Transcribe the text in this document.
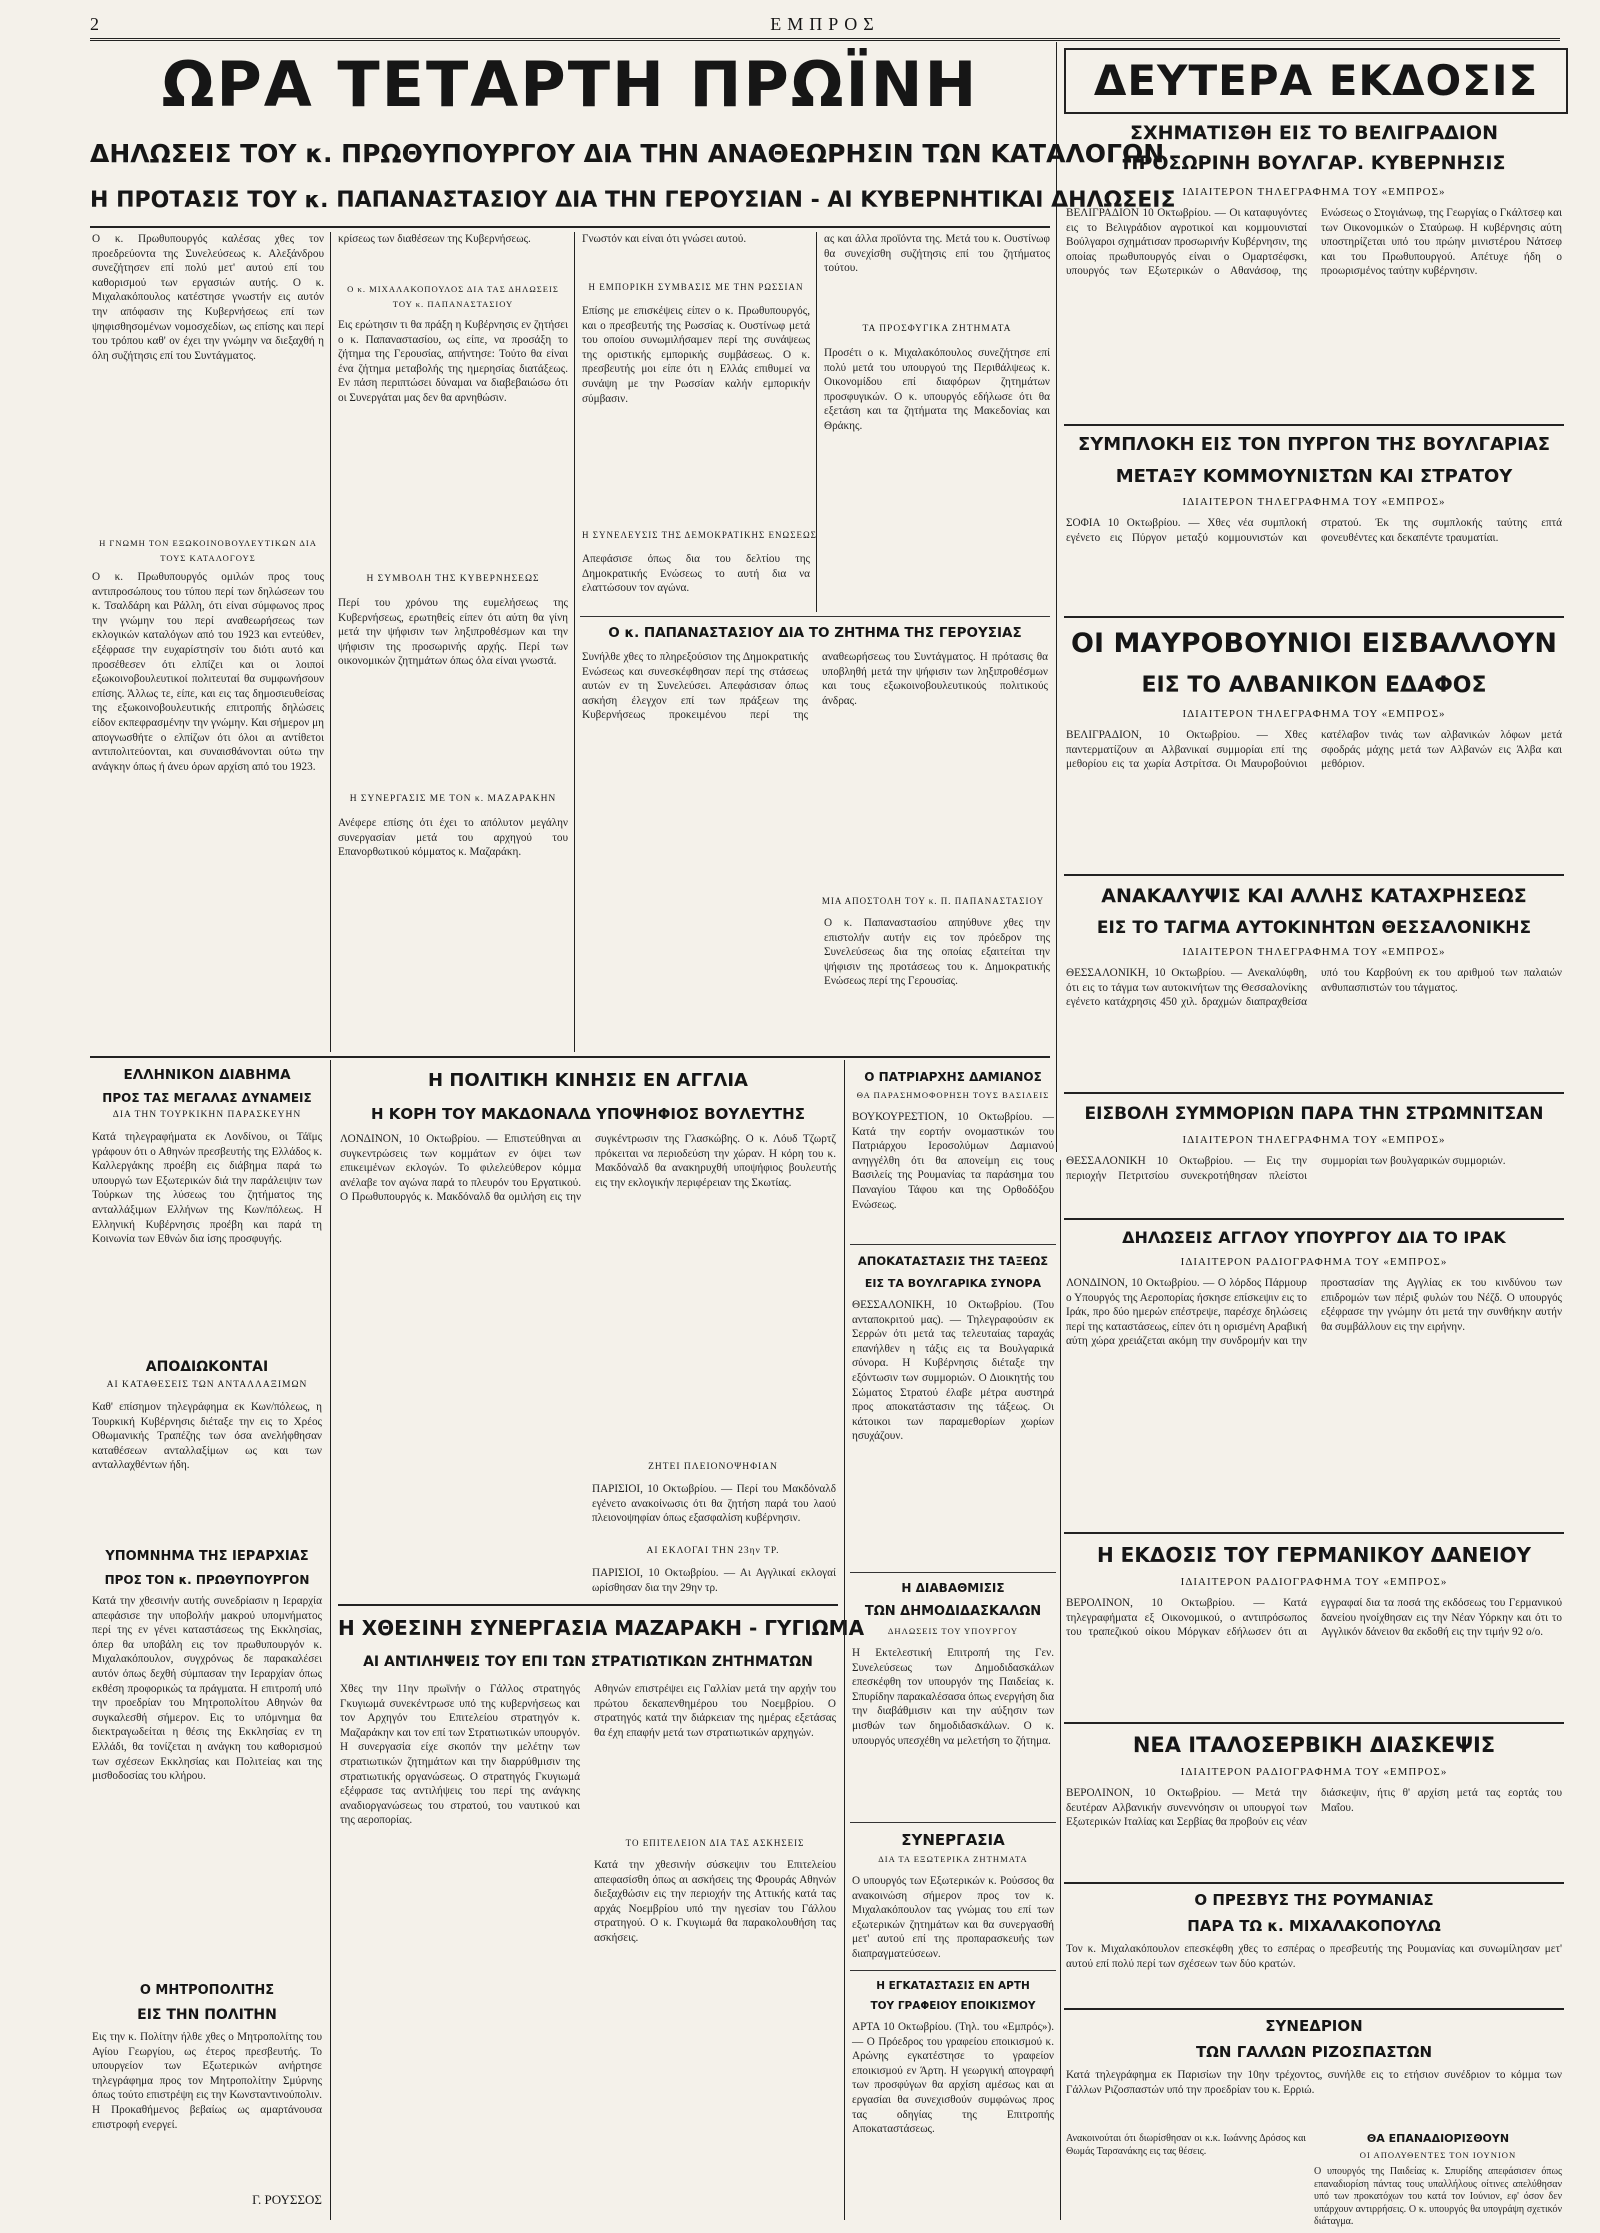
2	ΕΜΠΡΟΣ
ΩΡΑ ΤΕΤΑΡΤΗ ΠΡΩΪΝΗ	ΔΕΥΤΕΡΑ ΕΚΔΟΣΙΣ
ΔΗΛΩΣΕΙΣ ΤΟΥ κ. ΠΡΩΘΥΠΟΥΡΓΟΥ ΔΙΑ ΤΗΝ ΑΝΑΘΕΩΡΗΣΙΝ ΤΩΝ ΚΑΤΑΛΟΓΩΝ
Η ΠΡΟΤΑΣΙΣ ΤΟΥ κ. ΠΑΠΑΝΑΣΤΑΣΙΟΥ ΔΙΑ ΤΗΝ ΓΕΡΟΥΣΙΑΝ - ΑΙ ΚΥΒΕΡΝΗΤΙΚΑΙ ΔΗΛΩΣΕΙΣ
Ο κ. Πρωθυπουργός καλέσας χθες τον προεδρεύοντα της Συνελεύσεως κ. Αλεξάνδρου συνεζήτησεν επί πολύ μετ' αυτού επί του καθορισμού των εργασιών αυτής. Ο κ. Μιχαλακόπουλος κατέστησε γνωστήν εις αυτόν την απόφασιν της Κυβερνήσεως επί των ψηφισθησομένων νομοσχεδίων, ως επίσης και περί του τρόπου καθ' ον έχει την γνώμην να διεξαχθή η όλη συζήτησις επί του Συντάγματος.
Η ΓΝΩΜΗ ΤΟΝ ΕΞΩΚΟΙΝΟΒΟΥΛΕΥΤΙΚΩΝ ΔΙΑ ΤΟΥΣ ΚΑΤΑΛΟΓΟΥΣ
Ο κ. Πρωθυπουργός ομιλών προς τους αντιπροσώπους του τύπου περί των δηλώσεων του κ. Τσαλδάρη και Ράλλη, ότι είναι σύμφωνος προς την γνώμην του περί αναθεωρήσεως των εκλογικών καταλόγων από του 1923 και εντεύθεν, εξέφρασε την ευχαρίστησίν του διότι αυτό και προσέθεσεν ότι ελπίζει και οι λοιποί εξωκοινοβουλευτικοί πολιτευταί θα συμφωνήσουν επίσης. Άλλως τε, είπε, και εις τας δημοσιευθείσας της εξωκοινοβουλευτικής επιτροπής δηλώσεις είδον εκπεφρασμένην την γνώμην. Και σήμερον μη απογνωσθήτε ο ελπίζων ότι όλοι αι αντίθετοι αντιπολιτεύονται, και συναισθάνονται ούτω την ανάγκην όπως ή άνευ όρων αρχίση από του 1923.
κρίσεως των διαθέσεων της Κυβερνήσεως.
Ο κ. ΜΙΧΑΛΑΚΟΠΟΥΛΟΣ ΔΙΑ ΤΑΣ ΔΗΛΩΣΕΙΣ ΤΟΥ κ. ΠΑΠΑΝΑΣΤΑΣΙΟΥ
Εις ερώτησιν τι θα πράξη η Κυβέρνησις εν ζητήσει ο κ. Παπαναστασίου, ως είπε, να προσάξη το ζήτημα της Γερουσίας, απήντησε: Τούτο θα είναι ένα ζήτημα μεταβολής της ημερησίας διατάξεως. Εν πάση περιπτώσει δύναμαι να διαβεβαιώσω ότι οι Συνεργάται μας δεν θα αρνηθώσιν.
Η ΣΥΜΒΟΛΗ ΤΗΣ ΚΥΒΕΡΝΗΣΕΩΣ
Περί του χρόνου της ευμελήσεως της Κυβερνήσεως, ερωτηθείς είπεν ότι αύτη θα γίνη μετά την ψήφισιν των ληξιπροθέσμων και την ψήφισιν της προσωρινής αρχής. Περί των οικονομικών ζητημάτων όπως όλα είναι γνωστά.
Η ΣΥΝΕΡΓΑΣΙΣ ΜΕ ΤΟΝ κ. ΜΑΖΑΡΑΚΗΝ
Ανέφερε επίσης ότι έχει το απόλυτον μεγάλην συνεργασίαν μετά του αρχηγού του Επανορθωτικού κόμματος κ. Μαζαράκη.
Γνωστόν και είναι ότι γνώσει αυτού.
Η ΕΜΠΟΡΙΚΗ ΣΥΜΒΑΣΙΣ ΜΕ ΤΗΝ ΡΩΣΣΙΑΝ
Επίσης με επισκέψεις είπεν ο κ. Πρωθυπουργός, και ο πρεσβευτής της Ρωσσίας κ. Ουστίνωφ μετά του οποίου συνωμιλήσαμεν περί της συνάψεως της οριστικής εμπορικής συμβάσεως. Ο κ. πρεσβευτής μοι είπε ότι η Ελλάς επιθυμεί να συνάψη με την Ρωσσίαν καλήν εμπορικήν σύμβασιν.
Η ΣΥΝΕΛΕΥΣΙΣ ΤΗΣ ΔΕΜΟΚΡΑΤΙΚΗΣ ΕΝΩΣΕΩΣ
Απεφάσισε όπως δια του δελτίου της Δημοκρατικής Ενώσεως το αυτή δια να ελαττώσουν τον αγώνα.
ας και άλλα προϊόντα της. Μετά του κ. Ουστίνωφ θα συνεχίσθη συζήτησις επί του ζητήματος τούτου.
ΤΑ ΠΡΟΣΦΥΓΙΚΑ ΖΗΤΗΜΑΤΑ
Προσέτι ο κ. Μιχαλακόπουλος συνεζήτησε επί πολύ μετά του υπουργού της Περιθάλψεως κ. Οικονομίδου επί διαφόρων ζητημάτων προσφυγικών. Ο κ. υπουργός εδήλωσε ότι θα εξετάση και τα ζητήματα της Μακεδονίας και Θράκης.
Ο κ. ΠΑΠΑΝΑΣΤΑΣΙΟΥ ΔΙΑ ΤΟ ΖΗΤΗΜΑ ΤΗΣ ΓΕΡΟΥΣΙΑΣ
Συνήλθε χθες το πληρεξούσιον της Δημοκρατικής Ενώσεως και συνεσκέφθησαν περί της στάσεως αυτών εν τη Συνελεύσει. Απεφάσισαν όπως ασκήση έλεγχον επί των πράξεων της Κυβερνήσεως προκειμένου περί της αναθεωρήσεως του Συντάγματος. Η πρότασις θα υποβληθή μετά την ψήφισιν των ληξιπροθέσμων και τους εξωκοινοβουλευτικούς πολιτικούς άνδρας.
ΜΙΑ ΑΠΟΣΤΟΛΗ ΤΟΥ κ. Π. ΠΑΠΑΝΑΣΤΑΣΙΟΥ
Ο κ. Παπαναστασίου απηύθυνε χθες την επιστολήν αυτήν εις τον πρόεδρον της Συνελεύσεως δια της οποίας εξαιτείται την ψήφισιν της προτάσεως του κ. Δημοκρατικής Ενώσεως περί της Γερουσίας.
ΣΧΗΜΑΤΙΣΘΗ ΕΙΣ ΤΟ ΒΕΛΙΓΡΑΔΙΟΝ ΠΡΟΣΩΡΙΝΗ ΒΟΥΛΓΑΡ. ΚΥΒΕΡΝΗΣΙΣ
ΙΔΙΑΙΤΕΡΟΝ ΤΗΛΕΓΡΑΦΗΜΑ ΤΟΥ «ΕΜΠΡΟΣ»
ΒΕΛΙΓΡΑΔΙΟΝ 10 Οκτωβρίου. — Οι καταφυγόντες εις το Βελιγράδιον αγροτικοί και κομμουνισταί Βούλγαροι σχημάτισαν προσωρινήν Κυβέρνησιν, της οποίας πρωθυπουργός είναι ο Ομαρτσέφσκι, υπουργός των Εξωτερικών ο Αθανάσοφ, της Ενώσεως ο Στογιάνωφ, της Γεωργίας ο Γκάλτσεφ και των Οικονομικών ο Σταύρωφ. Η κυβέρνησις αύτη υποστηρίζεται υπό του πρώην μινιστέρου Νάτσεφ και του Πρωθυπουργού. Απέτυχε ήδη ο προωρισμένος ταύτην κυβέρνησιν.
ΣΥΜΠΛΟΚΗ ΕΙΣ ΤΟΝ ΠΥΡΓΟΝ ΤΗΣ ΒΟΥΛΓΑΡΙΑΣ
ΜΕΤΑΞΥ ΚΟΜΜΟΥΝΙΣΤΩΝ ΚΑΙ ΣΤΡΑΤΟΥ
ΙΔΙΑΙΤΕΡΟΝ ΤΗΛΕΓΡΑΦΗΜΑ ΤΟΥ «ΕΜΠΡΟΣ»
ΣΟΦΙΑ 10 Οκτωβρίου. — Χθες νέα συμπλοκή εγένετο εις Πύργον μεταξύ κομμουνιστών και στρατού. Έκ της συμπλοκής ταύτης επτά φονευθέντες και δεκαπέντε τραυματίαι.
ΟΙ ΜΑΥΡΟΒΟΥΝΙΟΙ ΕΙΣΒΑΛΛΟΥΝ
ΕΙΣ ΤΟ ΑΛΒΑΝΙΚΟΝ ΕΔΑΦΟΣ
ΙΔΙΑΙΤΕΡΟΝ ΤΗΛΕΓΡΑΦΗΜΑ ΤΟΥ «ΕΜΠΡΟΣ»
ΒΕΛΙΓΡΑΔΙΟΝ, 10 Οκτωβρίου. — Χθες παντερματίζουν αι Αλβανικαί συμμορίαι επί της μεθορίου εις τα χωρία Αστρίτσα. Οι Μαυροβούνιοι κατέλαβον τινάς των αλβανικών λόφων μετά σφοδράς μάχης μετά των Αλβανών εις Άλβα και μεθόριον.
ΑΝΑΚΑΛΥΨΙΣ ΚΑΙ ΑΛΛΗΣ ΚΑΤΑΧΡΗΣΕΩΣ
ΕΙΣ ΤΟ ΤΑΓΜΑ ΑΥΤΟΚΙΝΗΤΩΝ ΘΕΣΣΑΛΟΝΙΚΗΣ
ΙΔΙΑΙΤΕΡΟΝ ΤΗΛΕΓΡΑΦΗΜΑ ΤΟΥ «ΕΜΠΡΟΣ»
ΘΕΣΣΑΛΟΝΙΚΗ, 10 Οκτωβρίου. — Ανεκαλύφθη, ότι εις το τάγμα των αυτοκινήτων της Θεσσαλονίκης εγένετο κατάχρησις 450 χιλ. δραχμών διαπραχθείσα υπό του Καρβούνη εκ του αριθμού των παλαιών ανθυπασπιστών του τάγματος.
ΕΙΣΒΟΛΗ ΣΥΜΜΟΡΙΩΝ ΠΑΡΑ ΤΗΝ ΣΤΡΩΜΝΙΤΣΑΝ
ΙΔΙΑΙΤΕΡΟΝ ΤΗΛΕΓΡΑΦΗΜΑ ΤΟΥ «ΕΜΠΡΟΣ»
ΘΕΣΣΑΛΟΝΙΚΗ 10 Οκτωβρίου. — Εις την περιοχήν Πετριτσίου συνεκροτήθησαν πλείστοι συμμορίαι των βουλγαρικών συμμοριών.
ΔΗΛΩΣΕΙΣ ΑΓΓΛΟΥ ΥΠΟΥΡΓΟΥ ΔΙΑ ΤΟ ΙΡΑΚ
ΙΔΙΑΙΤΕΡΟΝ ΡΑΔΙΟΓΡΑΦΗΜΑ ΤΟΥ «ΕΜΠΡΟΣ»
ΛΟΝΔΙΝΟΝ, 10 Οκτωβρίου. — Ο λόρδος Πάρμουρ ο Υπουργός της Αεροπορίας ήσκησε επίσκεψιν εις το Ιράκ, προ δύο ημερών επέστρεψε, παρέσχε δηλώσεις περί της καταστάσεως, είπεν ότι η ορισμένη Αραβική αύτη χώρα χρειάζεται ακόμη την συνδρομήν και την προστασίαν της Αγγλίας εκ του κινδύνου των επιδρομών των πέριξ φυλών του Νέζδ. Ο υπουργός εξέφρασε την γνώμην ότι μετά την συνθήκην αυτήν θα συμβάλλουν εις την ειρήνην.
Η ΕΚΔΟΣΙΣ ΤΟΥ ΓΕΡΜΑΝΙΚΟΥ ΔΑΝΕΙΟΥ
ΙΔΙΑΙΤΕΡΟΝ ΡΑΔΙΟΓΡΑΦΗΜΑ ΤΟΥ «ΕΜΠΡΟΣ»
ΒΕΡΟΛΙΝΟΝ, 10 Οκτωβρίου. — Κατά τηλεγραφήματα εξ Οικονομικού, ο αντιπρόσωπος του τραπεζικού οίκου Μόργκαν εδήλωσεν ότι αι εγγραφαί δια τα ποσά της εκδόσεως του Γερμανικού δανείου ηνοίχθησαν εις την Νέαν Υόρκην και ότι το Αγγλικόν δάνειον θα εκδοθή εις την τιμήν 92 ο/ο.
ΝΕΑ ΙΤΑΛΟΣΕΡΒΙΚΗ ΔΙΑΣΚΕΨΙΣ
ΙΔΙΑΙΤΕΡΟΝ ΡΑΔΙΟΓΡΑΦΗΜΑ ΤΟΥ «ΕΜΠΡΟΣ»
ΒΕΡΟΛΙΝΟΝ, 10 Οκτωβρίου. — Μετά την δευτέραν Αλβανικήν συνεννόησιν οι υπουργοί των Εξωτερικών Ιταλίας και Σερβίας θα προβούν εις νέαν διάσκεψιν, ήτις θ' αρχίση μετά τας εορτάς του Μαΐου.
Ο ΠΡΕΣΒΥΣ ΤΗΣ ΡΟΥΜΑΝΙΑΣ
ΠΑΡΑ ΤΩ κ. ΜΙΧΑΛΑΚΟΠΟΥΛΩ
Τον κ. Μιχαλακόπουλον επεσκέφθη χθες το εσπέρας ο πρεσβευτής της Ρουμανίας και συνωμίλησαν μετ' αυτού επί πολύ περί των σχέσεων των δύο κρατών.
ΣΥΝΕΔΡΙΟΝ
ΤΩΝ ΓΑΛΛΩΝ ΡΙΖΟΣΠΑΣΤΩΝ
Κατά τηλεγράφημα εκ Παρισίων την 10ην τρέχοντος, συνήλθε εις το ετήσιον συνέδριον το κόμμα των Γάλλων Ριζοσπαστών υπό την προεδρίαν του κ. Ερριώ.
ΕΛΛΗΝΙΚΟΝ ΔΙΑΒΗΜΑ
ΠΡΟΣ ΤΑΣ ΜΕΓΑΛΑΣ ΔΥΝΑΜΕΙΣ
ΔΙΑ ΤΗΝ ΤΟΥΡΚΙΚΗΝ ΠΑΡΑΣΚΕΥΗΝ
Κατά τηλεγραφήματα εκ Λονδίνου, οι Τάϊμς γράφουν ότι ο Αθηνών πρεσβευτής της Ελλάδος κ. Καλλεργάκης προέβη εις διάβημα παρά τω υπουργώ των Εξωτερικών διά την παράλειψιν των Τούρκων της λύσεως του ζητήματος της ανταλλάξιμων Ελλήνων της Κων/πόλεως. Η Ελληνική Κυβέρνησις προέβη και παρά τη Κοινωνία των Εθνών δια ίσης προσφυγής.
ΑΠΟΔΙΩΚΟΝΤΑΙ
ΑΙ ΚΑΤΑΘΕΣΕΙΣ ΤΩΝ ΑΝΤΑΛΛΑΞΙΜΩΝ
Καθ' επίσημον τηλεγράφημα εκ Κων/πόλεως, η Τουρκική Κυβέρνησις διέταξε την εις το Χρέος Οθωμανικής Τραπέζης των όσα ανελήφθησαν καταθέσεων ανταλλαξίμων ως και των ανταλλαχθέντων ήδη.
ΥΠΟΜΝΗΜΑ ΤΗΣ ΙΕΡΑΡΧΙΑΣ
ΠΡΟΣ ΤΟΝ κ. ΠΡΩΘΥΠΟΥΡΓΟΝ
Κατά την χθεσινήν αυτής συνεδρίασιν η Ιεραρχία απεφάσισε την υποβολήν μακρού υπομνήματος περί της εν γένει καταστάσεως της Εκκλησίας, όπερ θα υποβάλη εις τον πρωθυπουργόν κ. Μιχαλακόπουλον, συγχρόνως δε παρακαλέσει αυτόν όπως δεχθή σύμπασαν την Ιεραρχίαν όπως εκθέση προφορικώς τα πράγματα. Η επιτροπή υπό την προεδρίαν του Μητροπολίτου Αθηνών θα συγκαλεσθή σήμερον. Εις το υπόμνημα θα διεκτραγωδείται η θέσις της Εκκλησίας εν τη Ελλάδι, θα τονίζεται η ανάγκη του καθορισμού των σχέσεων Εκκλησίας και Πολιτείας και της μισθοδοσίας του κλήρου.
Ο ΜΗΤΡΟΠΟΛΙΤΗΣ
ΕΙΣ ΤΗΝ ΠΟΛΙΤΗΝ
Εις την κ. Πολίτην ήλθε χθες ο Μητροπολίτης του Αγίου Γεωργίου, ως έτερος πρεσβευτής. Το υπουργείον των Εξωτερικών ανήρτησε τηλεγράφημα προς τον Μητροπολίτην Σμύρνης όπως τούτο επιστρέψη εις την Κωνσταντινούπολιν. Η Προκαθήμενος βεβαίως ως αμαρτάνουσα επιστροφή ενεργεί.
Γ. ΡΟΥΣΣΟΣ
Η ΠΟΛΙΤΙΚΗ ΚΙΝΗΣΙΣ ΕΝ ΑΓΓΛΙΑ
Η ΚΟΡΗ ΤΟΥ ΜΑΚΔΟΝΑΛΔ ΥΠΟΨΗΦΙΟΣ ΒΟΥΛΕΥΤΗΣ
ΛΟΝΔΙΝΟΝ, 10 Οκτωβρίου. — Επιστεύθηναι αι συγκεντρώσεις των κομμάτων εν όψει των επικειμένων εκλογών. Το φιλελεύθερον κόμμα ανέλαβε τον αγώνα παρά το πλευρόν του Εργατικού. Ο Πρωθυπουργός κ. Μακδόναλδ θα ομιλήση εις την συγκέντρωσιν της Γλασκώβης. Ο κ. Λόυδ Τζωρτζ πρόκειται να περιοδεύση την χώραν. Η κόρη του κ. Μακδόναλδ θα ανακηρυχθή υποψήφιος βουλευτής εις την εκλογικήν περιφέρειαν της Σκωτίας.
ΖΗΤΕΙ ΠΛΕΙΟΝΟΨΗΦΙΑΝ
ΠΑΡΙΣΙΟΙ, 10 Οκτωβρίου. — Περί του Μακδόναλδ εγένετο ανακοίνωσις ότι θα ζητήση παρά του λαού πλειονοψηφίαν όπως εξασφαλίση κυβέρνησιν.
ΑΙ ΕΚΛΟΓΑΙ ΤΗΝ 23ην ΤΡ.
ΠΑΡΙΣΙΟΙ, 10 Οκτωβρίου. — Αι Αγγλικαί εκλογαί ωρίσθησαν δια την 29ην τρ.
Η ΧΘΕΣΙΝΗ ΣΥΝΕΡΓΑΣΙΑ ΜΑΖΑΡΑΚΗ - ΓΥΓΙΩΜΑ
ΑΙ ΑΝΤΙΛΗΨΕΙΣ ΤΟΥ ΕΠΙ ΤΩΝ ΣΤΡΑΤΙΩΤΙΚΩΝ ΖΗΤΗΜΑΤΩΝ
Χθες την 11ην πρωϊνήν ο Γάλλος στρατηγός Γκυγιωμά συνεκέντρωσε υπό της κυβερνήσεως και τον Αρχηγόν του Επιτελείου στρατηγόν κ. Μαζαράκην και τον επί των Στρατιωτικών υπουργόν. Η συνεργασία είχε σκοπόν την μελέτην των στρατιωτικών ζητημάτων και την διαρρύθμισιν της στρατιωτικής οργανώσεως. Ο στρατηγός Γκυγιωμά εξέφρασε τας αντιλήψεις του περί της ανάγκης αναδιοργανώσεως του στρατού, του ναυτικού και της αεροπορίας.
Αθηνών επιστρέψει εις Γαλλίαν μετά την αρχήν του πρώτου δεκαπενθημέρου του Νοεμβρίου. Ο στρατηγός κατά την διάρκειαν της ημέρας εξετάσας θα έχη επαφήν μετά των στρατιωτικών αρχηγών.
ΤΟ ΕΠΙΤΕΛΕΙΟΝ ΔΙΑ ΤΑΣ ΑΣΚΗΣΕΙΣ
Κατά την χθεσινήν σύσκεψιν του Επιτελείου απεφασίσθη όπως αι ασκήσεις της Φρουράς Αθηνών διεξαχθώσιν εις την περιοχήν της Αττικής κατά τας αρχάς Νοεμβρίου υπό την ηγεσίαν του Γάλλου στρατηγού. Ο κ. Γκυγιωμά θα παρακολουθήση τας ασκήσεις.
Ο ΠΑΤΡΙΑΡΧΗΣ ΔΑΜΙΑΝΟΣ
ΘΑ ΠΑΡΑΣΗΜΟΦΟΡΗΣΗ ΤΟΥΣ ΒΑΣΙΛΕΙΣ
ΒΟΥΚΟΥΡΕΣΤΙΟΝ, 10 Οκτωβρίου. — Κατά την εορτήν ονομαστικών του Πατριάρχου Ιεροσολύμων Δαμιανού ανηγγέλθη ότι θα απονείμη εις τους Βασιλείς της Ρουμανίας τα παράσημα του Παναγίου Τάφου και της Ορθοδόξου Ενώσεως.
ΑΠΟΚΑΤΑΣΤΑΣΙΣ ΤΗΣ ΤΑΞΕΩΣ
ΕΙΣ ΤΑ ΒΟΥΛΓΑΡΙΚΑ ΣΥΝΟΡΑ
ΘΕΣΣΑΛΟΝΙΚΗ, 10 Οκτωβρίου. (Του ανταποκριτού μας). — Τηλεγραφούσιν εκ Σερρών ότι μετά τας τελευταίας ταραχάς επανήλθεν η τάξις εις τα Βουλγαρικά σύνορα. Η Κυβέρνησις διέταξε την εξόντωσιν των συμμοριών. Ο Διοικητής του Σώματος Στρατού έλαβε μέτρα αυστηρά προς αποκατάστασιν της τάξεως. Οι κάτοικοι των παραμεθορίων χωρίων ησυχάζουν.
Η ΔΙΑΒΑΘΜΙΣΙΣ
ΤΩΝ ΔΗΜΟΔΙΔΑΣΚΑΛΩΝ
ΔΗΛΩΣΕΙΣ ΤΟΥ ΥΠΟΥΡΓΟΥ
Η Εκτελεστική Επιτροπή της Γεν. Συνελεύσεως των Δημοδιδασκάλων επεσκέφθη τον υπουργόν της Παιδείας κ. Σπυρίδην παρακαλέσασα όπως ενεργήση δια την διαβάθμισιν και την αύξησιν των μισθών των δημοδιδασκάλων. Ο κ. υπουργός υπεσχέθη να μελετήση το ζήτημα.
ΣΥΝΕΡΓΑΣΙΑ
ΔΙΑ ΤΑ ΕΞΩΤΕΡΙΚΑ ΖΗΤΗΜΑΤΑ
Ο υπουργός των Εξωτερικών κ. Ρούσσος θα ανακοινώση σήμερον προς τον κ. Μιχαλακόπουλον τας γνώμας του επί των εξωτερικών ζητημάτων και θα συνεργασθή μετ' αυτού επί της προπαρασκευής των διαπραγματεύσεων.
Η ΕΓΚΑΤΑΣΤΑΣΙΣ ΕΝ ΑΡΤΗ
ΤΟΥ ΓΡΑΦΕΙΟΥ ΕΠΟΙΚΙΣΜΟΥ
ΑΡΤΑ 10 Οκτωβρίου. (Τηλ. του «Εμπρός»). — Ο Πρόεδρος του γραφείου εποικισμού κ. Αρώνης εγκατέστησε το γραφείον εποικισμού εν Άρτη. Η γεωργική απογραφή των προσφύγων θα αρχίση αμέσως και αι εργασίαι θα συνεχισθούν συμφώνως προς τας οδηγίας της Επιτροπής Αποκαταστάσεως.
Ανακοινούται ότι διωρίσθησαν οι κ.κ. Ιωάννης Δρόσος και Θωμάς Ταρσανάκης εις τας θέσεις.
ΘΑ ΕΠΑΝΑΔΙΟΡΙΣΘΟΥΝ
ΟΙ ΑΠΟΛΥΘΕΝΤΕΣ ΤΟΝ ΙΟΥΝΙΟΝ
Ο υπουργός της Παιδείας κ. Σπυρίδης απεφάσισεν όπως επαναδιορίση πάντας τους υπαλλήλους οίτινες απελύθησαν υπό των προκατόχων του κατά τον Ιούνιον, εφ' όσον δεν υπάρχουν αντιρρήσεις. Ο κ. υπουργός θα υπογράψη σχετικόν διάταγμα.
